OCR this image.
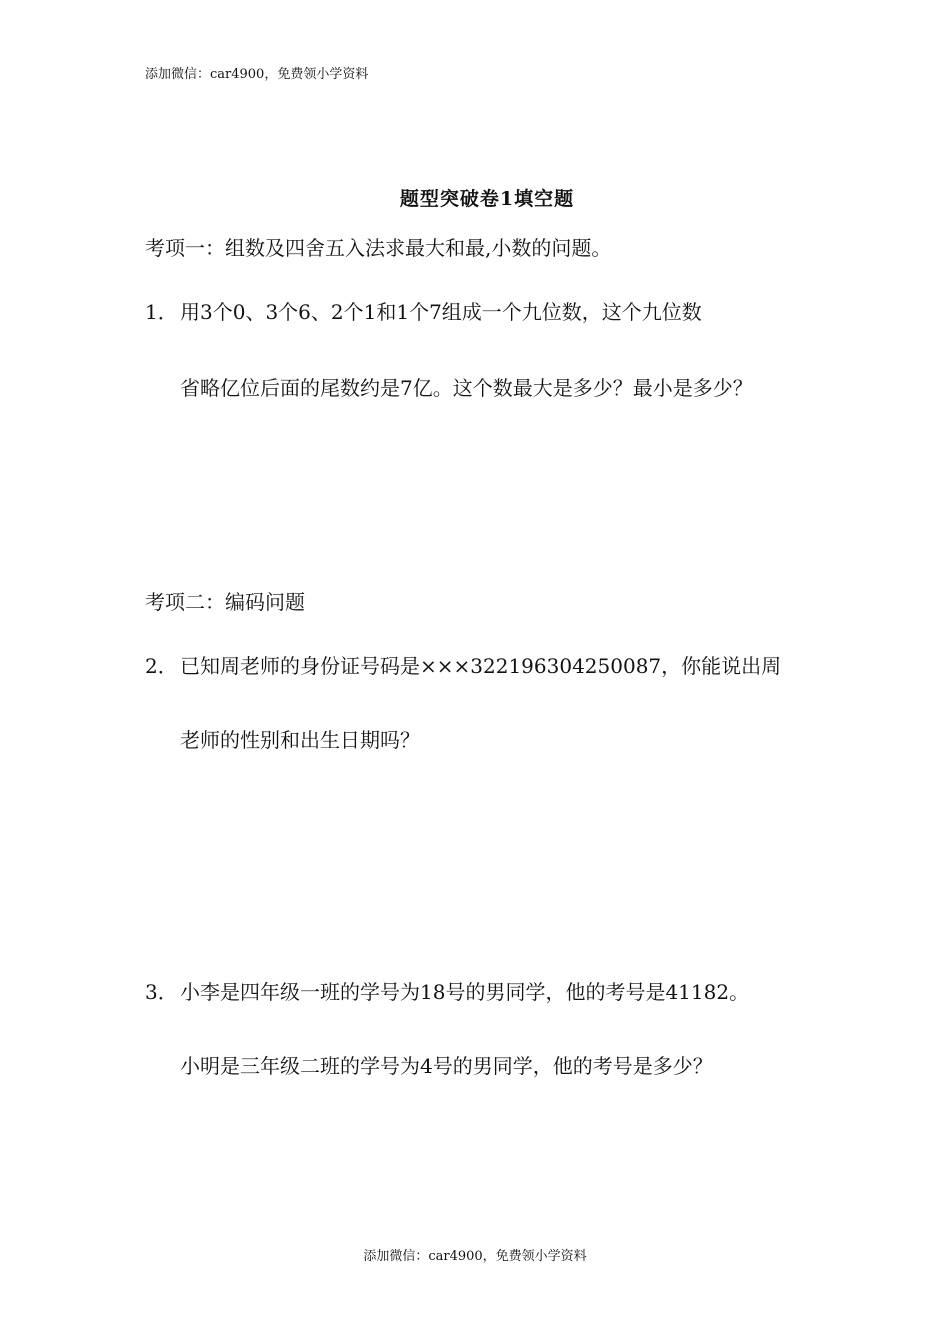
添加微信：car4900，免费领小学资料
题型突破卷1填空题
考项一：组数及四舍五入法求最大和最,小数的问题。
1． 用3个0、3个6、2个1和1个7组成一个九位数，这个九位数
省略亿位后面的尾数约是7亿。这个数最大是多少？最小是多少？
考项二：编码问题
2． 已知周老师的身份证号码是×××322196304250087，你能说出周
老师的性别和出生日期吗？
3． 小李是四年级一班的学号为18号的男同学，他的考号是41182。
小明是三年级二班的学号为4号的男同学，他的考号是多少？
添加微信：car4900，免费领小学资料
